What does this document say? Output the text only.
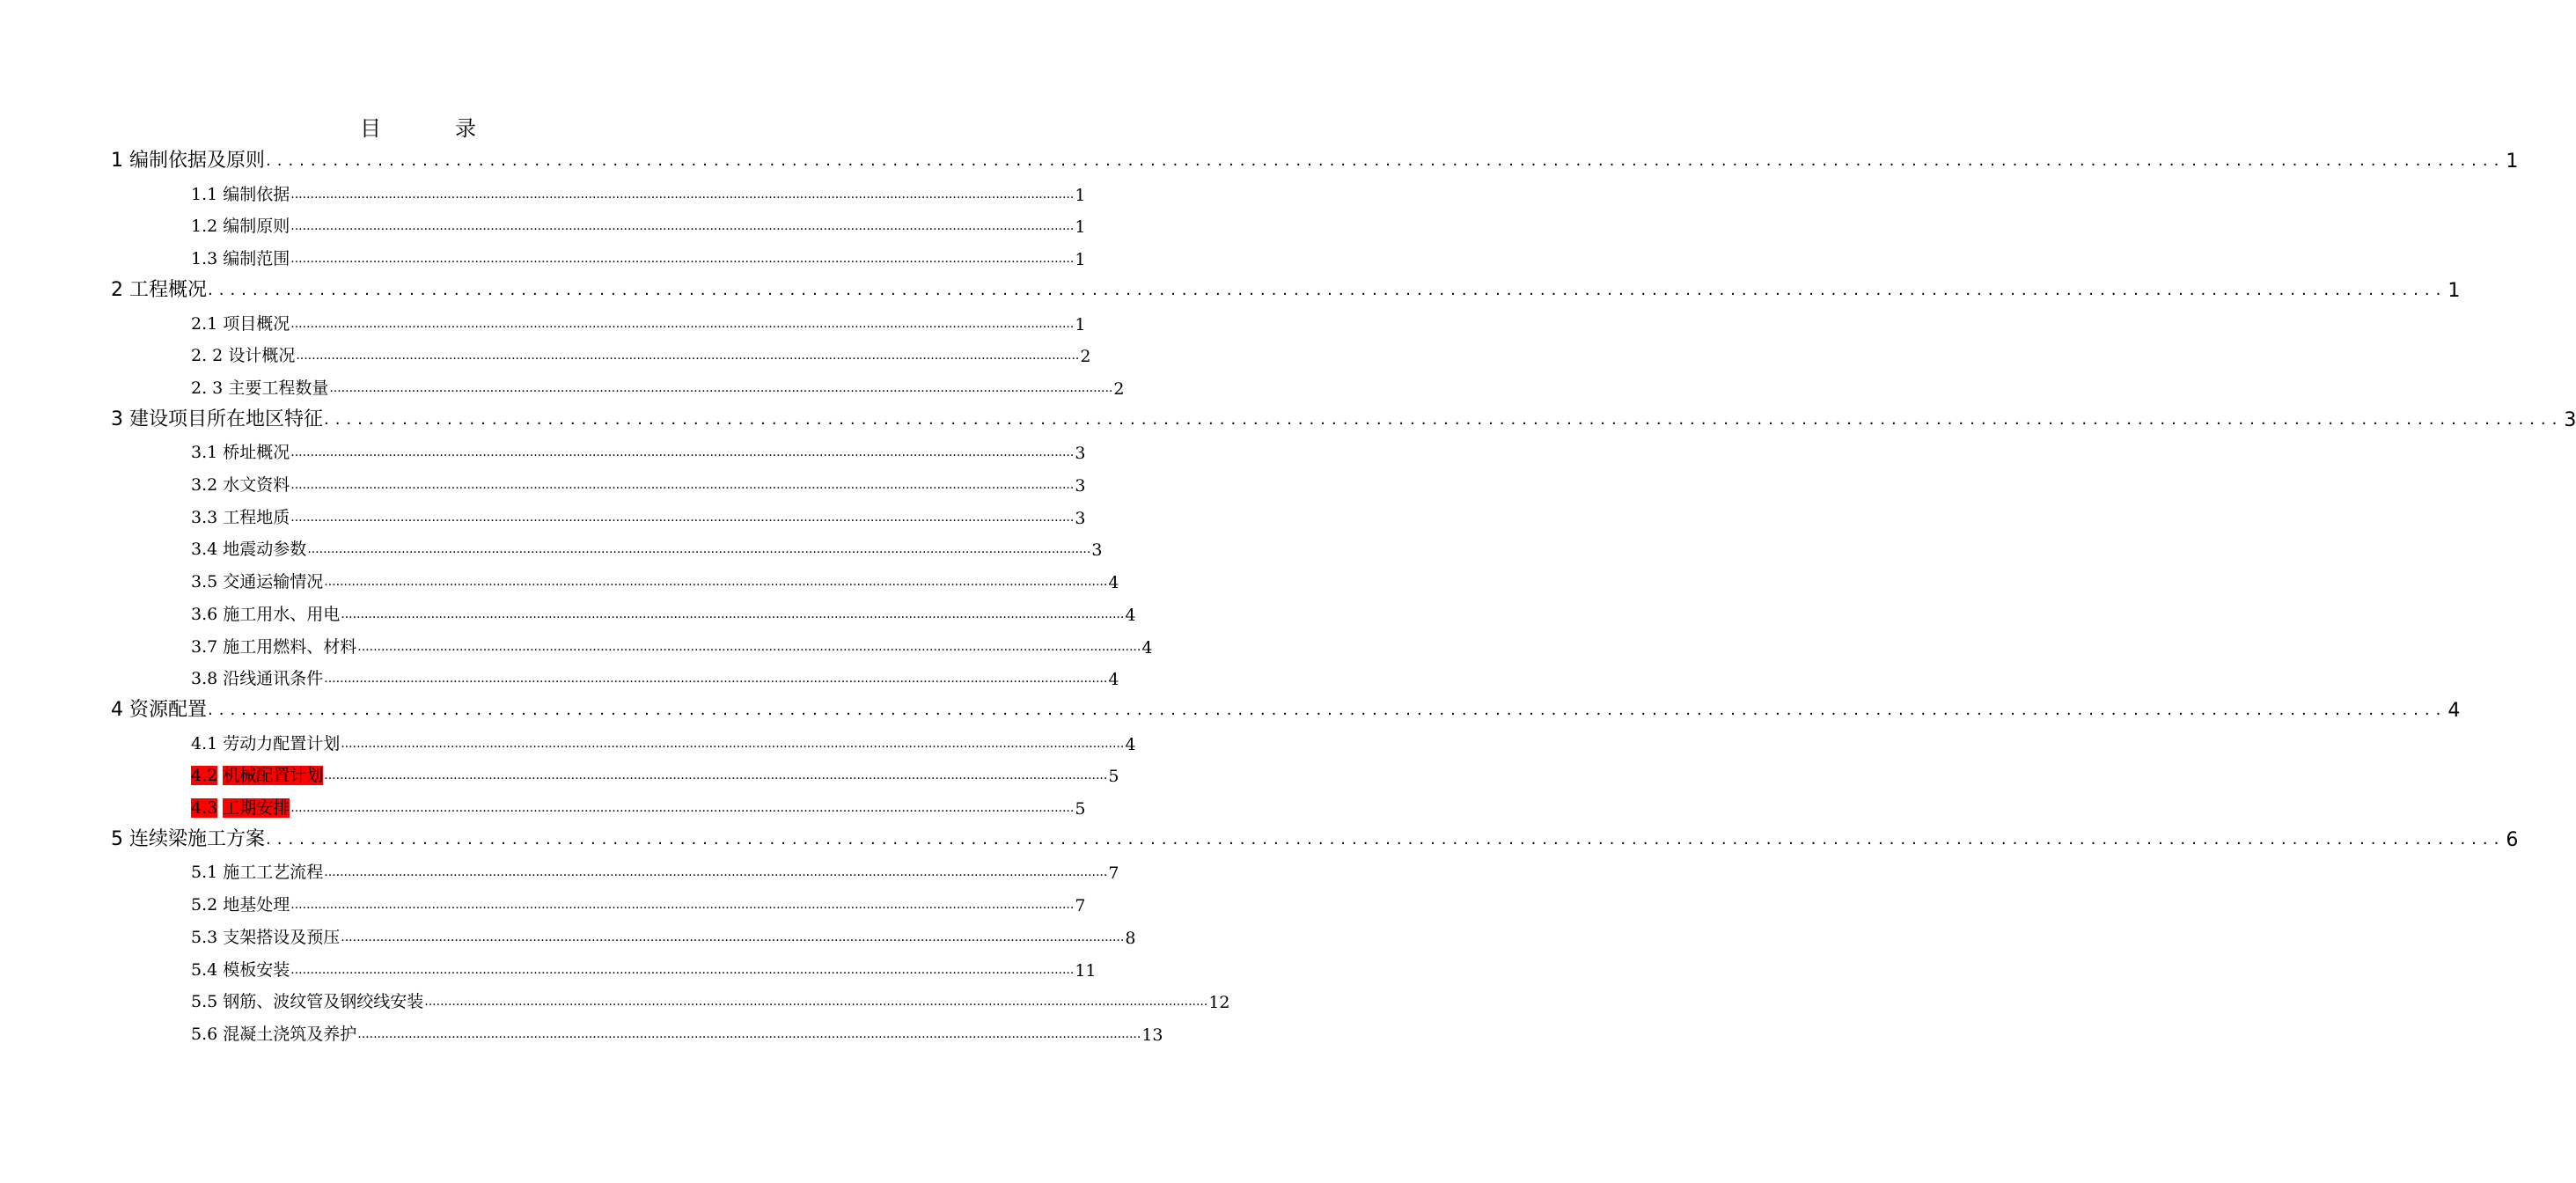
目　录
1 编制依据及原则 ........................................................................................................................................................................................................ 1
1.1 编制依据 ........................................................................................................................................................................................................ 1
1.2 编制原则 ........................................................................................................................................................................................................ 1
1.3 编制范围 ........................................................................................................................................................................................................ 1
2 工程概况 ........................................................................................................................................................................................................ 1
2.1 项目概况 ........................................................................................................................................................................................................ 1
2. 2 设计概况 ........................................................................................................................................................................................................ 2
2. 3 主要工程数量 ........................................................................................................................................................................................................ 2
3 建设项目所在地区特征 ........................................................................................................................................................................................................ 3
3.1 桥址概况 ........................................................................................................................................................................................................ 3
3.2 水文资料 ........................................................................................................................................................................................................ 3
3.3 工程地质 ........................................................................................................................................................................................................ 3
3.4 地震动参数 ........................................................................................................................................................................................................ 3
3.5 交通运输情况 ........................................................................................................................................................................................................ 4
3.6 施工用水、用电 ........................................................................................................................................................................................................ 4
3.7 施工用燃料、材料 ........................................................................................................................................................................................................ 4
3.8 沿线通讯条件 ........................................................................................................................................................................................................ 4
4 资源配置 ........................................................................................................................................................................................................ 4
4.1 劳动力配置计划 ........................................................................................................................................................................................................ 4
4.2 机械配置计划 ........................................................................................................................................................................................................ 5
4.3 工期安排 ........................................................................................................................................................................................................ 5
5 连续梁施工方案 ........................................................................................................................................................................................................ 6
5.1 施工工艺流程 ........................................................................................................................................................................................................ 7
5.2 地基处理 ........................................................................................................................................................................................................ 7
5.3 支架搭设及预压 ........................................................................................................................................................................................................ 8
5.4 模板安装 ........................................................................................................................................................................................................ 11
5.5 钢筋、波纹管及钢绞线安装 ........................................................................................................................................................................................................ 12
5.6 混凝土浇筑及养护 ........................................................................................................................................................................................................ 13
